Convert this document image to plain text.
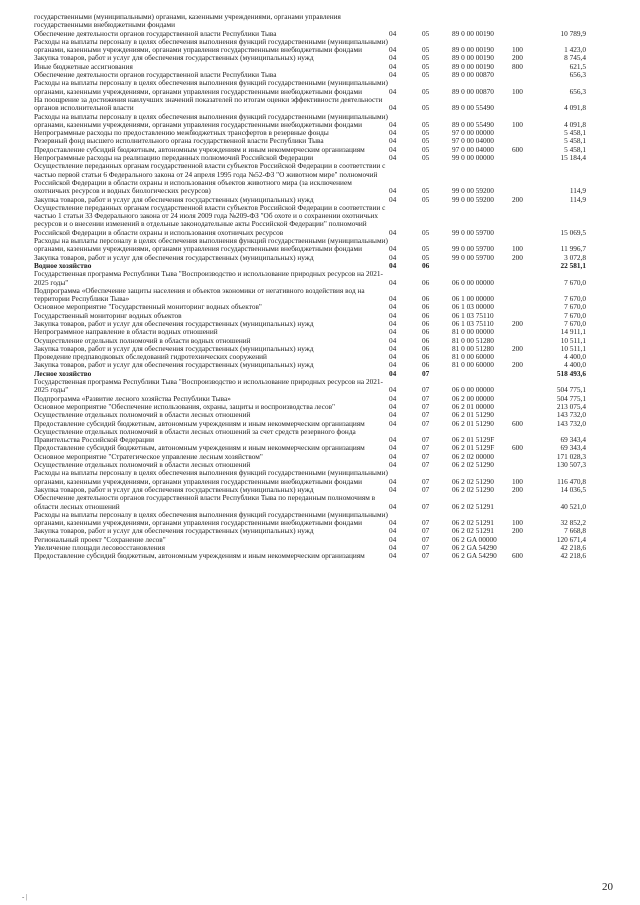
государственными (муниципальными) органами, казенными учреждениями, органами управления государственными внебюджетными фондами					
Обеспечение деятельности органов государственной власти Республики Тыва	04	05	89 0 00 00190		10 789,9
Расходы на выплаты персоналу в целях обеспечения выполнения функций государственными (муниципальными) органами, казенными учреждениями, органами управления государственными внебюджетными фондами	04	05	89 0 00 00190	100	1 423,0
Закупка товаров, работ и услуг для обеспечения государственных (муниципальных) нужд	04	05	89 0 00 00190	200	8 745,4
Иные бюджетные ассигнования	04	05	89 0 00 00190	800	621,5
Обеспечение деятельности органов государственной власти Республики Тыва	04	05	89 0 00 00870		656,3
Расходы на выплаты персоналу в целях обеспечения выполнения функций государственными (муниципальными) органами, казенными учреждениями, органами управления государственными внебюджетными фондами	04	05	89 0 00 00870	100	656,3
На поощрение за достижения наилучших значений показателей по итогам оценки эффективности деятельности органов исполнительной власти	04	05	89 0 00 55490		4 091,8
Расходы на выплаты персоналу в целях обеспечения выполнения функций государственными (муниципальными) органами, казенными учреждениями, органами управления государственными внебюджетными фондами	04	05	89 0 00 55490	100	4 091,8
Непрограммные расходы по предоставлению межбюджетных трансфертов в резервные фонды	04	05	97 0 00 00000		5 458,1
Резервный фонд высшего исполнительного органа государственной власти Республики Тыва	04	05	97 0 00 04000		5 458,1
Предоставление субсидий бюджетным, автономным учреждениям и иным некоммерческим организациям	04	05	97 0 00 04000	600	5 458,1
Непрограммные расходы на реализацию переданных полномочий Российской Федерации	04	05	99 0 00 00000		15 184,4
Осуществление переданных органам государственной власти субъектов Российской Федерации в соответствии с частью первой статьи 6 Федерального закона от 24 апреля 1995 года №52-ФЗ "О животном мире" полномочий Российской Федерации в области охраны и использования объектов животного мира (за исключением охотничьих ресурсов и водных биологических ресурсов)	04	05	99 0 00 59200		114,9
Закупка товаров, работ и услуг для обеспечения государственных (муниципальных) нужд	04	05	99 0 00 59200	200	114,9
Осуществление переданных органам государственной власти субъектов Российской Федерации в соответствии с частью 1 статьи 33 Федерального закона от 24 июля 2009 года №209-ФЗ "Об охоте и о сохранении охотничьих ресурсов и о внесении изменений в отдельные законодательные акты Российской Федерации" полномочий Российской Федерации в области охраны и использования охотничьих ресурсов	04	05	99 0 00 59700		15 069,5
Расходы на выплаты персоналу в целях обеспечения выполнения функций государственными (муниципальными) органами, казенными учреждениями, органами управления государственными внебюджетными фондами	04	05	99 0 00 59700	100	11 996,7
Закупка товаров, работ и услуг для обеспечения государственных (муниципальных) нужд	04	05	99 0 00 59700	200	3 072,8
Водное хозяйство	04	06			22 581,1
Государственная программа Республики Тыва "Воспроизводство и использование природных ресурсов на 2021-2025 годы"	04	06	06 0 00 00000		7 670,0
Подпрограмма «Обеспечение защиты населения и объектов экономики от негативного воздействия вод на территории Республики Тыва»	04	06	06 1 00 00000		7 670,0
Основное мероприятие "Государственный мониторинг водных объектов"	04	06	06 1 03 00000		7 670,0
Государственный мониторинг водных объектов	04	06	06 1 03 75110		7 670,0
Закупка товаров, работ и услуг для обеспечения государственных (муниципальных) нужд	04	06	06 1 03 75110	200	7 670,0
Непрограммное направление в области водных отношений	04	06	81 0 00 00000		14 911,1
Осуществление отдельных полномочий в области водных отношений	04	06	81 0 00 51280		10 511,1
Закупка товаров, работ и услуг для обеспечения государственных (муниципальных) нужд	04	06	81 0 00 51280	200	10 511,1
Проведение предпаводковых обследований гидротехнических сооружений	04	06	81 0 00 60000		4 400,0
Закупка товаров, работ и услуг для обеспечения государственных (муниципальных) нужд	04	06	81 0 00 60000	200	4 400,0
Лесное хозяйство	04	07			518 493,6
Государственная программа Республики Тыва "Воспроизводство и использование природных ресурсов на 2021-2025 годы"	04	07	06 0 00 00000		504 775,1
Подпрограмма «Развитие лесного хозяйства Республики Тыва»	04	07	06 2 00 00000		504 775,1
Основное мероприятие "Обеспечение использования, охраны, защиты и воспроизводства лесов"	04	07	06 2 01 00000		213 075,4
Осуществление отдельных полномочий в области лесных отношений	04	07	06 2 01 51290		143 732,0
Предоставление субсидий бюджетным, автономным учреждениям и иным некоммерческим организациям	04	07	06 2 01 51290	600	143 732,0
Осуществление отдельных полномочий в области лесных отношений за счет средств резервного фонда Правительства Российской Федерации	04	07	06 2 01 5129F		69 343,4
Предоставление субсидий бюджетным, автономным учреждениям и иным некоммерческим организациям	04	07	06 2 01 5129F	600	69 343,4
Основное мероприятие "Стратегическое управление лесным хозяйством"	04	07	06 2 02 00000		171 028,3
Осуществление отдельных полномочий в области лесных отношений	04	07	06 2 02 51290		130 507,3
Расходы на выплаты персоналу в целях обеспечения выполнения функций государственными (муниципальными) органами, казенными учреждениями, органами управления государственными внебюджетными фондами	04	07	06 2 02 51290	100	116 470,8
Закупка товаров, работ и услуг для обеспечения государственных (муниципальных) нужд	04	07	06 2 02 51290	200	14 036,5
Обеспечение деятельности органов государственной власти Республики Тыва по переданным полномочиям в области лесных отношений	04	07	06 2 02 51291		40 521,0
Расходы на выплаты персоналу в целях обеспечения выполнения функций государственными (муниципальными) органами, казенными учреждениями, органами управления государственными внебюджетными фондами	04	07	06 2 02 51291	100	32 852,2
Закупка товаров, работ и услуг для обеспечения государственных (муниципальных) нужд	04	07	06 2 02 51291	200	7 668,8
Региональный проект "Сохранение лесов"	04	07	06 2 GA 00000		120 671,4
Увеличение площади лесовосстановления	04	07	06 2 GA 54290		42 218,6
Предоставление субсидий бюджетным, автономным учреждениям и иным некоммерческим организациям	04	07	06 2 GA 54290	600	42 218,6
20
- |
